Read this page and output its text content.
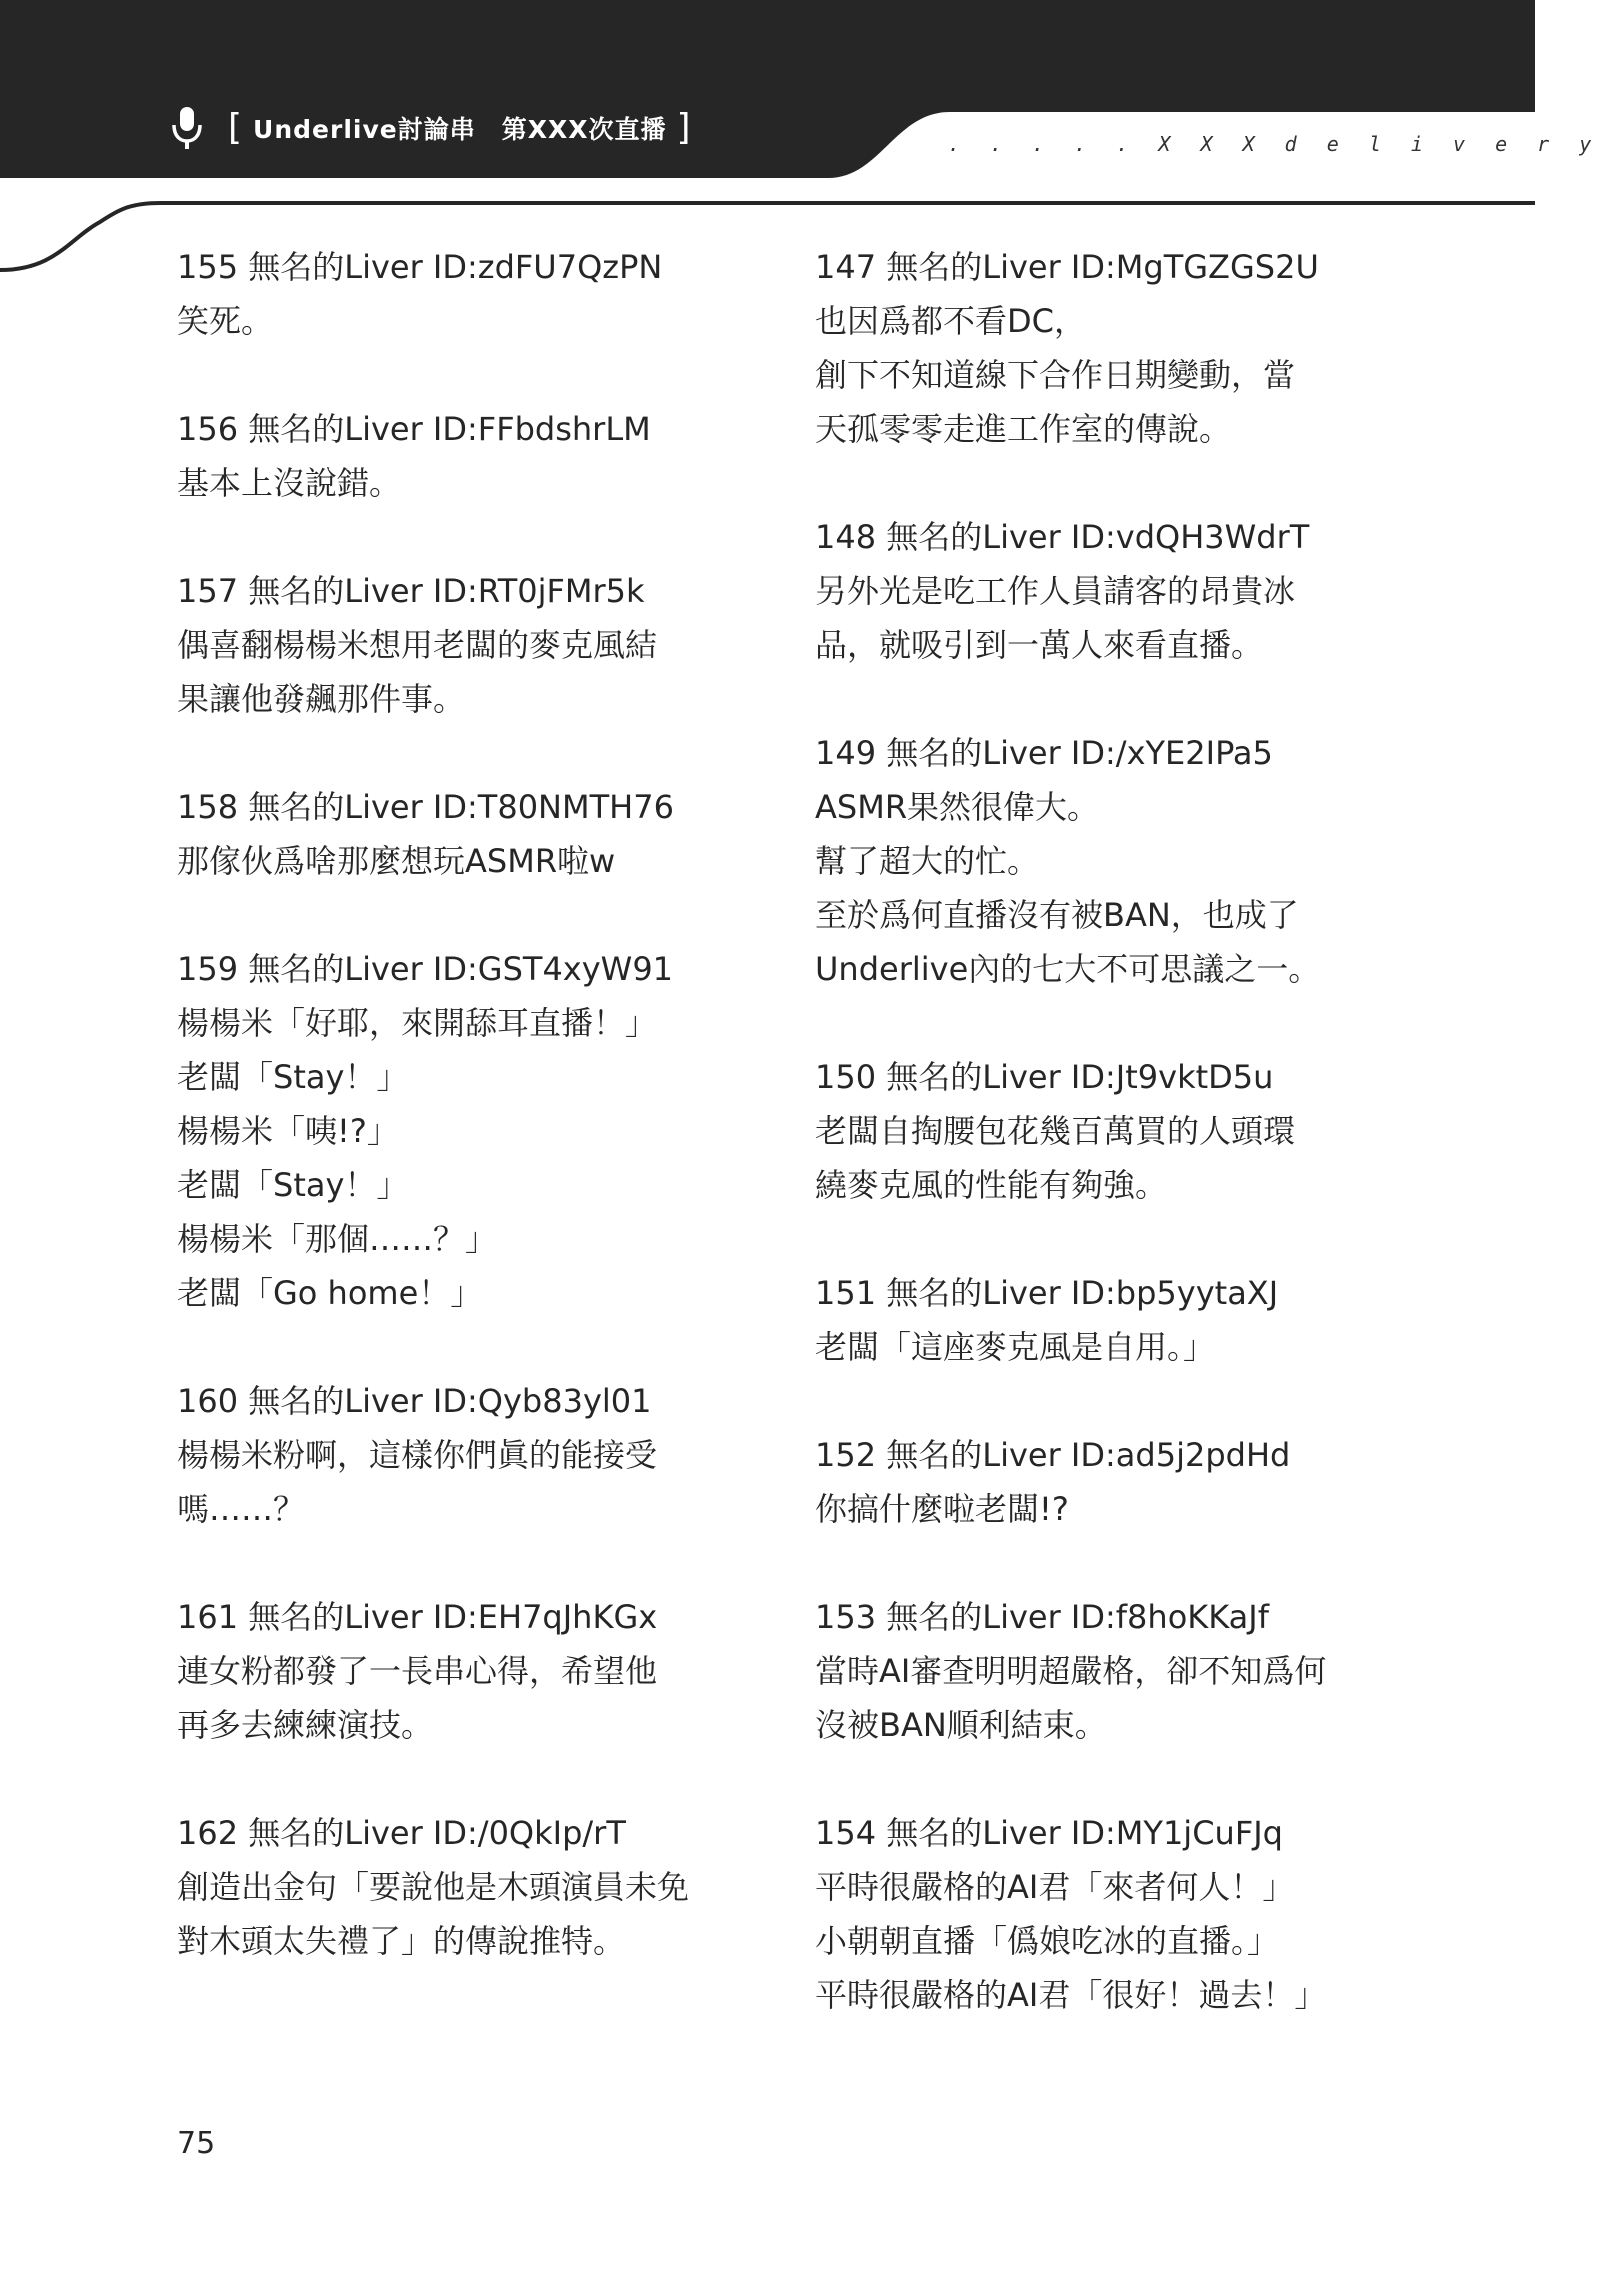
[ Underlive討論串 第XXX次直播 ]	. . . . . X X X d e l i v e r y
155 無名的Liver ID:zdFU7QzPN
笑死。
156 無名的Liver ID:FFbdshrLM
基本上沒說錯。
157 無名的Liver ID:RT0jFMr5k
偶喜翻楊楊米想用老闆的麥克風結
果讓他發飆那件事。
158 無名的Liver ID:T80NMTH76
那傢伙爲啥那麼想玩ASMR啦w
159 無名的Liver ID:GST4xyW91
楊楊米「好耶，來開舔耳直播！」
老闆「Stay！」
楊楊米「咦!?」
老闆「Stay！」
楊楊米「那個……？」
老闆「Go home！」
160 無名的Liver ID:Qyb83yl01
楊楊米粉啊，這樣你們眞的能接受
嗎……？
161 無名的Liver ID:EH7qJhKGx
連女粉都發了一長串心得，希望他
再多去練練演技。
162 無名的Liver ID:/0QkIp/rT
創造出金句「要說他是木頭演員未免
對木頭太失禮了」的傳說推特。
147 無名的Liver ID:MgTGZGS2U
也因爲都不看DC，
創下不知道線下合作日期變動，當
天孤零零走進工作室的傳說。
148 無名的Liver ID:vdQH3WdrT
另外光是吃工作人員請客的昂貴冰
品，就吸引到一萬人來看直播。
149 無名的Liver ID:/xYE2IPa5
ASMR果然很偉大。
幫了超大的忙。
至於爲何直播沒有被BAN，也成了
Underlive內的七大不可思議之一。
150 無名的Liver ID:Jt9vktD5u
老闆自掏腰包花幾百萬買的人頭環
繞麥克風的性能有夠強。
151 無名的Liver ID:bp5yytaXJ
老闆「這座麥克風是自用。」
152 無名的Liver ID:ad5j2pdHd
你搞什麼啦老闆!?
153 無名的Liver ID:f8hoKKaJf
當時AI審查明明超嚴格，卻不知爲何
沒被BAN順利結束。
154 無名的Liver ID:MY1jCuFJq
平時很嚴格的AI君「來者何人！」
小朝朝直播「僞娘吃冰的直播。」
平時很嚴格的AI君「很好！過去！」
75
